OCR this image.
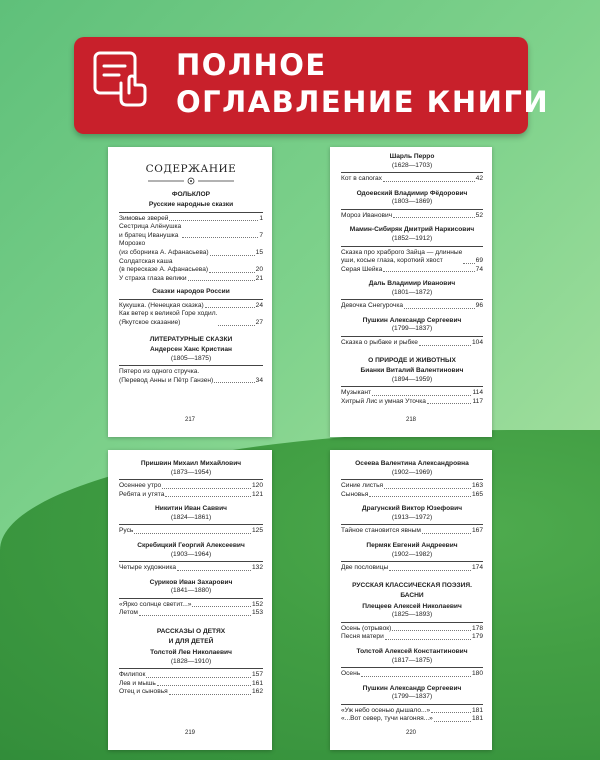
ПОЛНОЕ
ОГЛАВЛЕНИЕ КНИГИ
СОДЕРЖАНИЕ
ФОЛЬКЛОР
Русские народные сказки
Зимовье зверей	1
Сестрица Алёнушка
и братец Иванушка	7
Морозко
(из сборника А. Афанасьева)	15
Солдатская каша
(в пересказе А. Афанасьева)	20
У страха глаза велики	21
Сказки народов России
Кукушка. (Ненецкая сказка)	24
Как ветер к великой Горе ходил.
(Якутское сказание)	27
ЛИТЕРАТУРНЫЕ СКАЗКИ
Андерсен Ханс Кристиан
(1805—1875)
Пятеро из одного стручка.
(Перевод Анны и Пётр Ганзен)	34
217
Шарль Перро
(1628—1703)
Кот в сапогах	42
Одоевский Владимир Фёдорович
(1803—1869)
Мороз Иванович	52
Мамин-Сибиряк Дмитрий Наркисович
(1852—1912)
Сказка про храброго Зайца — длинные
уши, косые глаза, короткий хвост	69
Серая Шейка	74
Даль Владимир Иванович
(1801—1872)
Девочка Снегурочка	96
Пушкин Александр Сергеевич
(1799—1837)
Сказка о рыбаке и рыбке	104
О ПРИРОДЕ И ЖИВОТНЫХ
Бианки Виталий Валентинович
(1894—1959)
Музыкант	114
Хитрый Лис и умная Уточка	117
218
Пришвин Михаил Михайлович
(1873—1954)
Осеннее утро	120
Ребята и утята	121
Никитин Иван Саввич
(1824—1861)
Русь	125
Скребицкий Георгий Алексеевич
(1903—1964)
Четыре художника	132
Суриков Иван Захарович
(1841—1880)
«Ярко солнце светит...»	152
Летом	153
РАССКАЗЫ О ДЕТЯХ
И ДЛЯ ДЕТЕЙ
Толстой Лев Николаевич
(1828—1910)
Филипок	157
Лев и мышь	161
Отец и сыновья	162
219
Осеева Валентина Александровна
(1902—1969)
Синие листья	163
Сыновья	165
Драгунский Виктор Юзефович
(1913—1972)
Тайное становится явным	167
Пермяк Евгений Андреевич
(1902—1982)
Две пословицы	174
РУССКАЯ КЛАССИЧЕСКАЯ ПОЭЗИЯ.
БАСНИ
Плещеев Алексей Николаевич
(1825—1893)
Осень (отрывок)	178
Песня матери	179
Толстой Алексей Константинович
(1817—1875)
Осень	180
Пушкин Александр Сергеевич
(1799—1837)
«Уж небо осенью дышало...»	181
«...Вот север, тучи нагоняя...»	181
220
